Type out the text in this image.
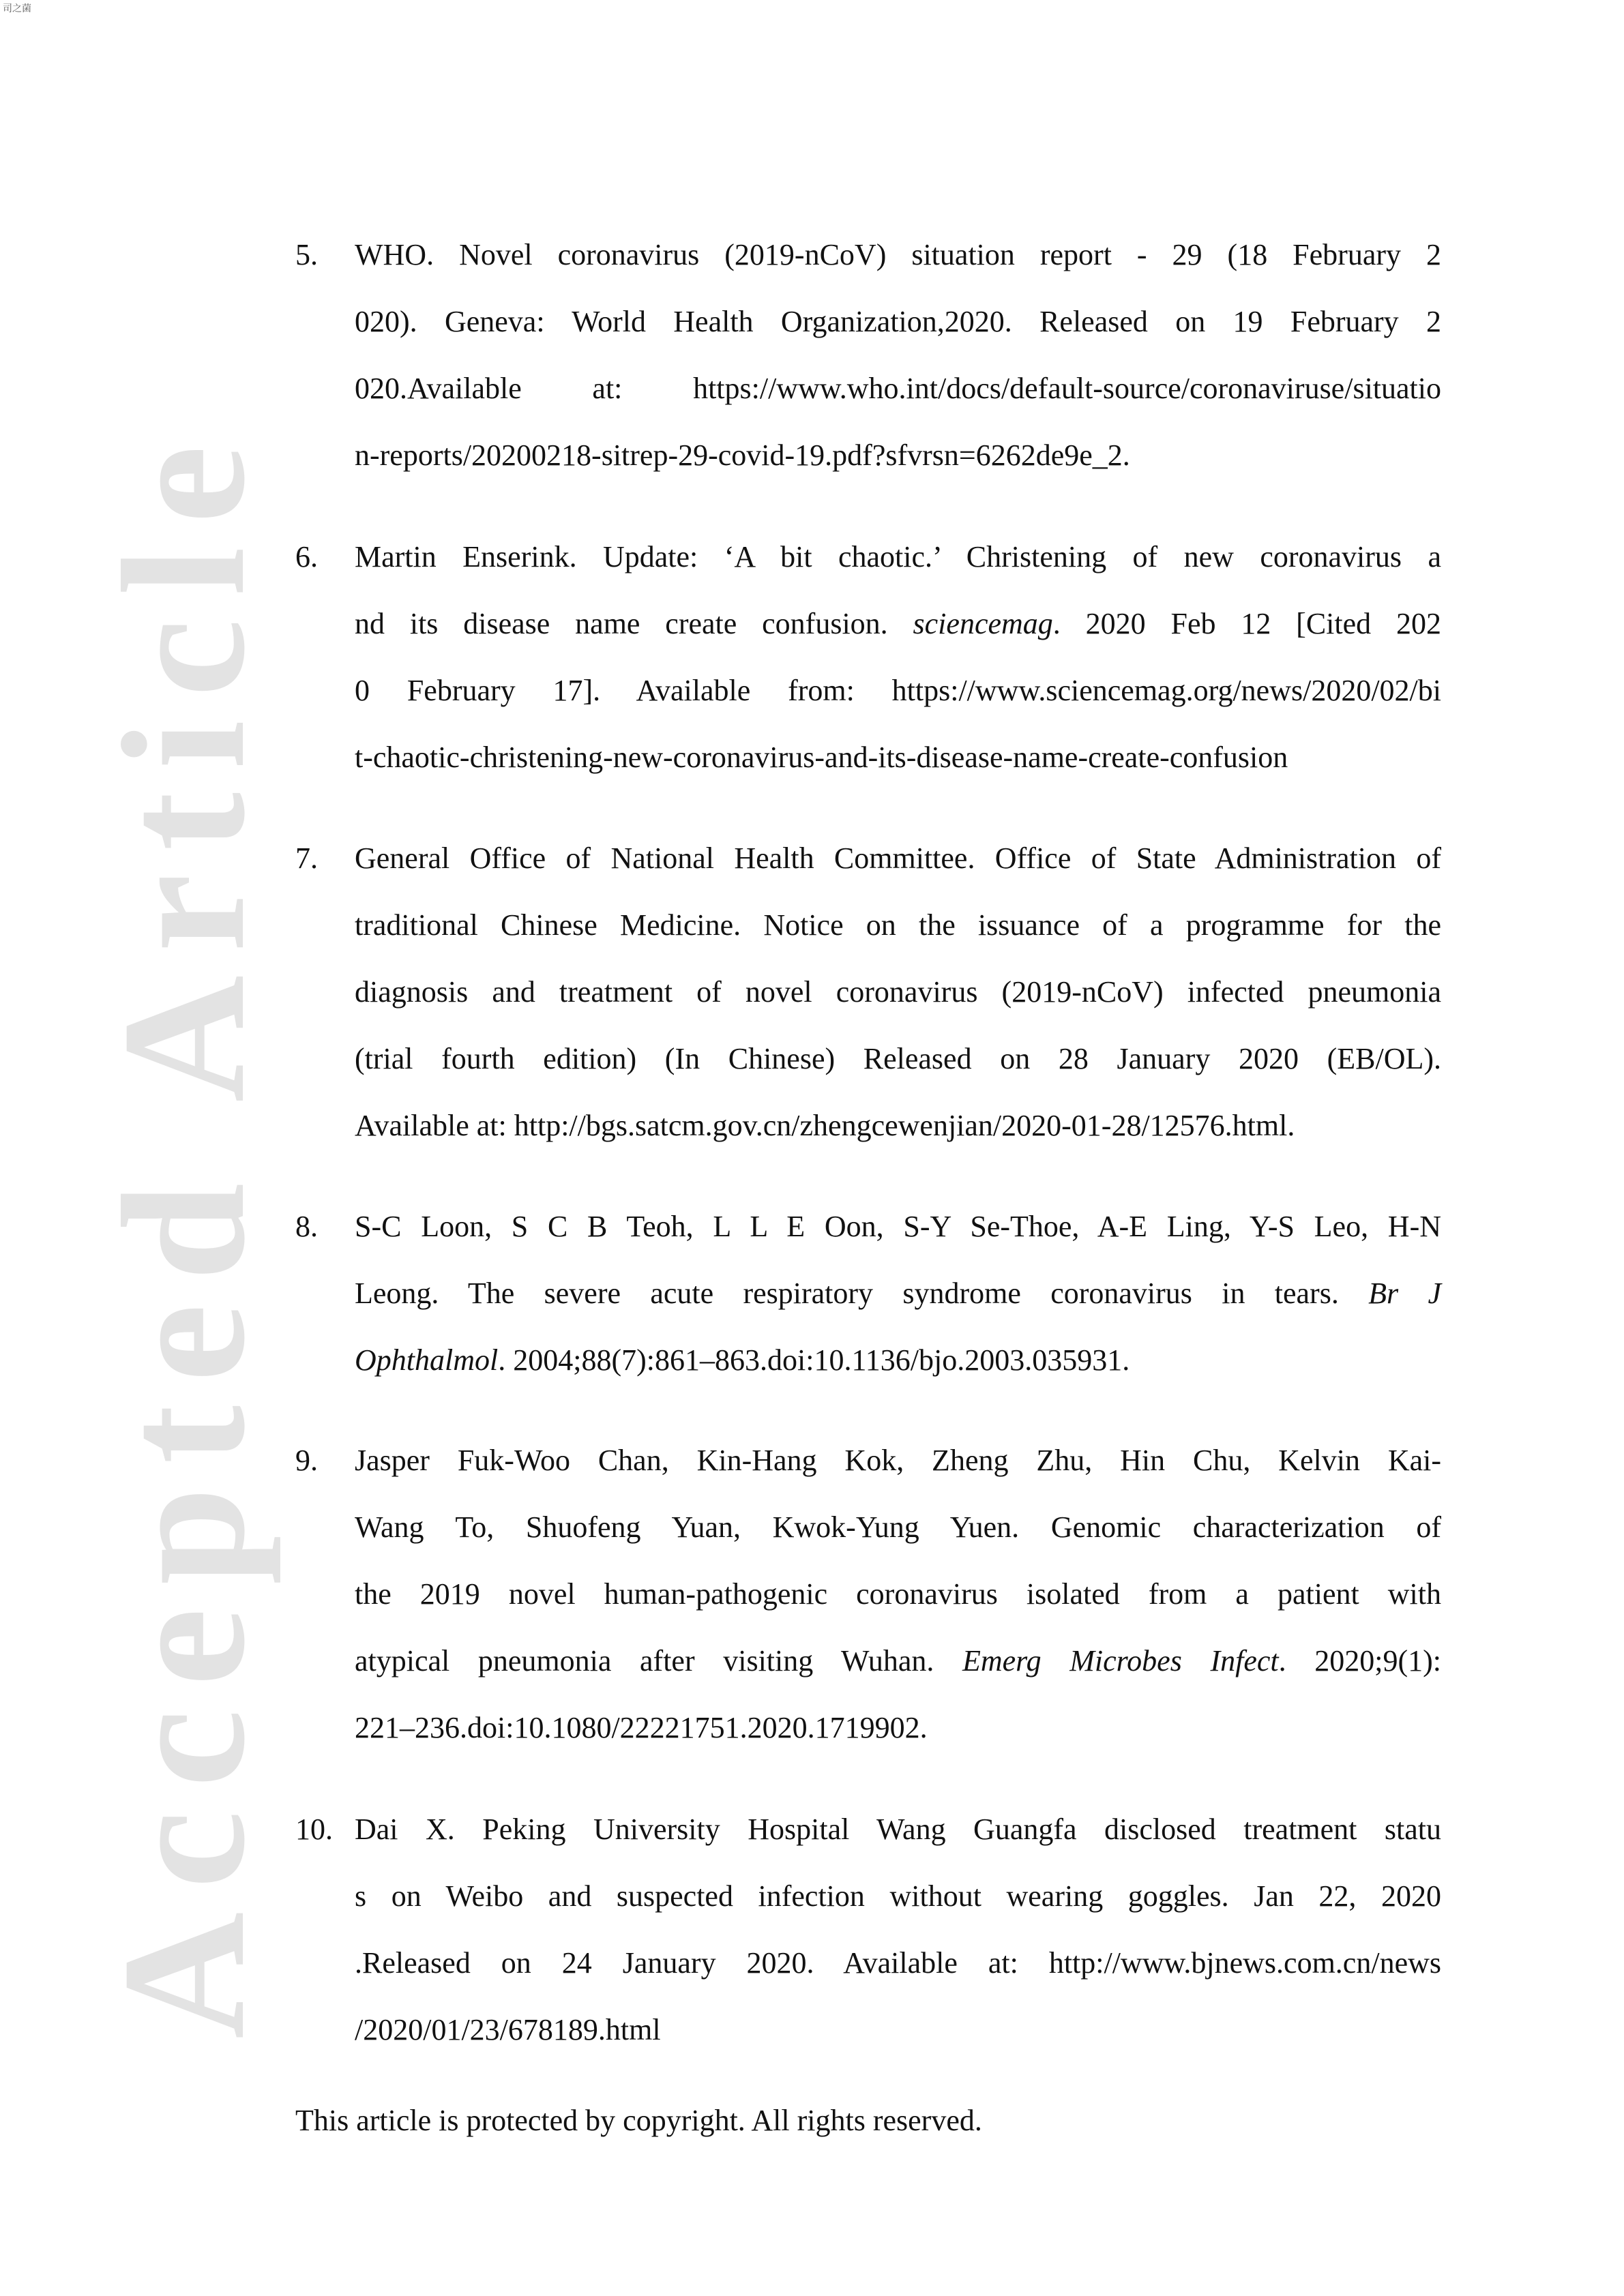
司之菌
Accepted Article
5.	WHO. Novel coronavirus (2019-nCoV) situation report - 29 (18 February 2
020). Geneva: World Health Organization,2020. Released on 19 February 2
020.Available at: https://www.who.int/docs/default-source/coronaviruse/situatio
n-reports/20200218-sitrep-29-covid-19.pdf?sfvrsn=6262de9e_2.
6.	Martin Enserink. Update: ‘A bit chaotic.’ Christening of new coronavirus a
nd its disease name create confusion. sciencemag. 2020 Feb 12 [Cited 202
0 February 17]. Available from: https://www.sciencemag.org/news/2020/02/bi
t-chaotic-christening-new-coronavirus-and-its-disease-name-create-confusion
7.	General Office of National Health Committee. Office of State Administration of
traditional Chinese Medicine. Notice on the issuance of a programme for the
diagnosis and treatment of novel coronavirus (2019-nCoV) infected pneumonia
(trial fourth edition) (In Chinese) Released on 28 January 2020 (EB/OL).
Available at: http://bgs.satcm.gov.cn/zhengcewenjian/2020-01-28/12576.html.
8.	S-C Loon, S C B Teoh, L L E Oon, S-Y Se-Thoe, A-E Ling, Y-S Leo, H-N
Leong. The severe acute respiratory syndrome coronavirus in tears. Br J
Ophthalmol. 2004;88(7):861–863.doi:10.1136/bjo.2003.035931.
9.	Jasper Fuk-Woo Chan, Kin-Hang Kok, Zheng Zhu, Hin Chu, Kelvin Kai-
Wang To, Shuofeng Yuan, Kwok-Yung Yuen. Genomic characterization of
the 2019 novel human-pathogenic coronavirus isolated from a patient with
atypical pneumonia after visiting Wuhan. Emerg Microbes Infect. 2020;9(1):
221–236.doi:10.1080/22221751.2020.1719902.
10. Dai X. Peking University Hospital Wang Guangfa disclosed treatment statu
s on Weibo and suspected infection without wearing goggles. Jan 22, 2020
.Released on 24 January 2020. Available at: http://www.bjnews.com.cn/news
/2020/01/23/678189.html
This article is protected by copyright. All rights reserved.
